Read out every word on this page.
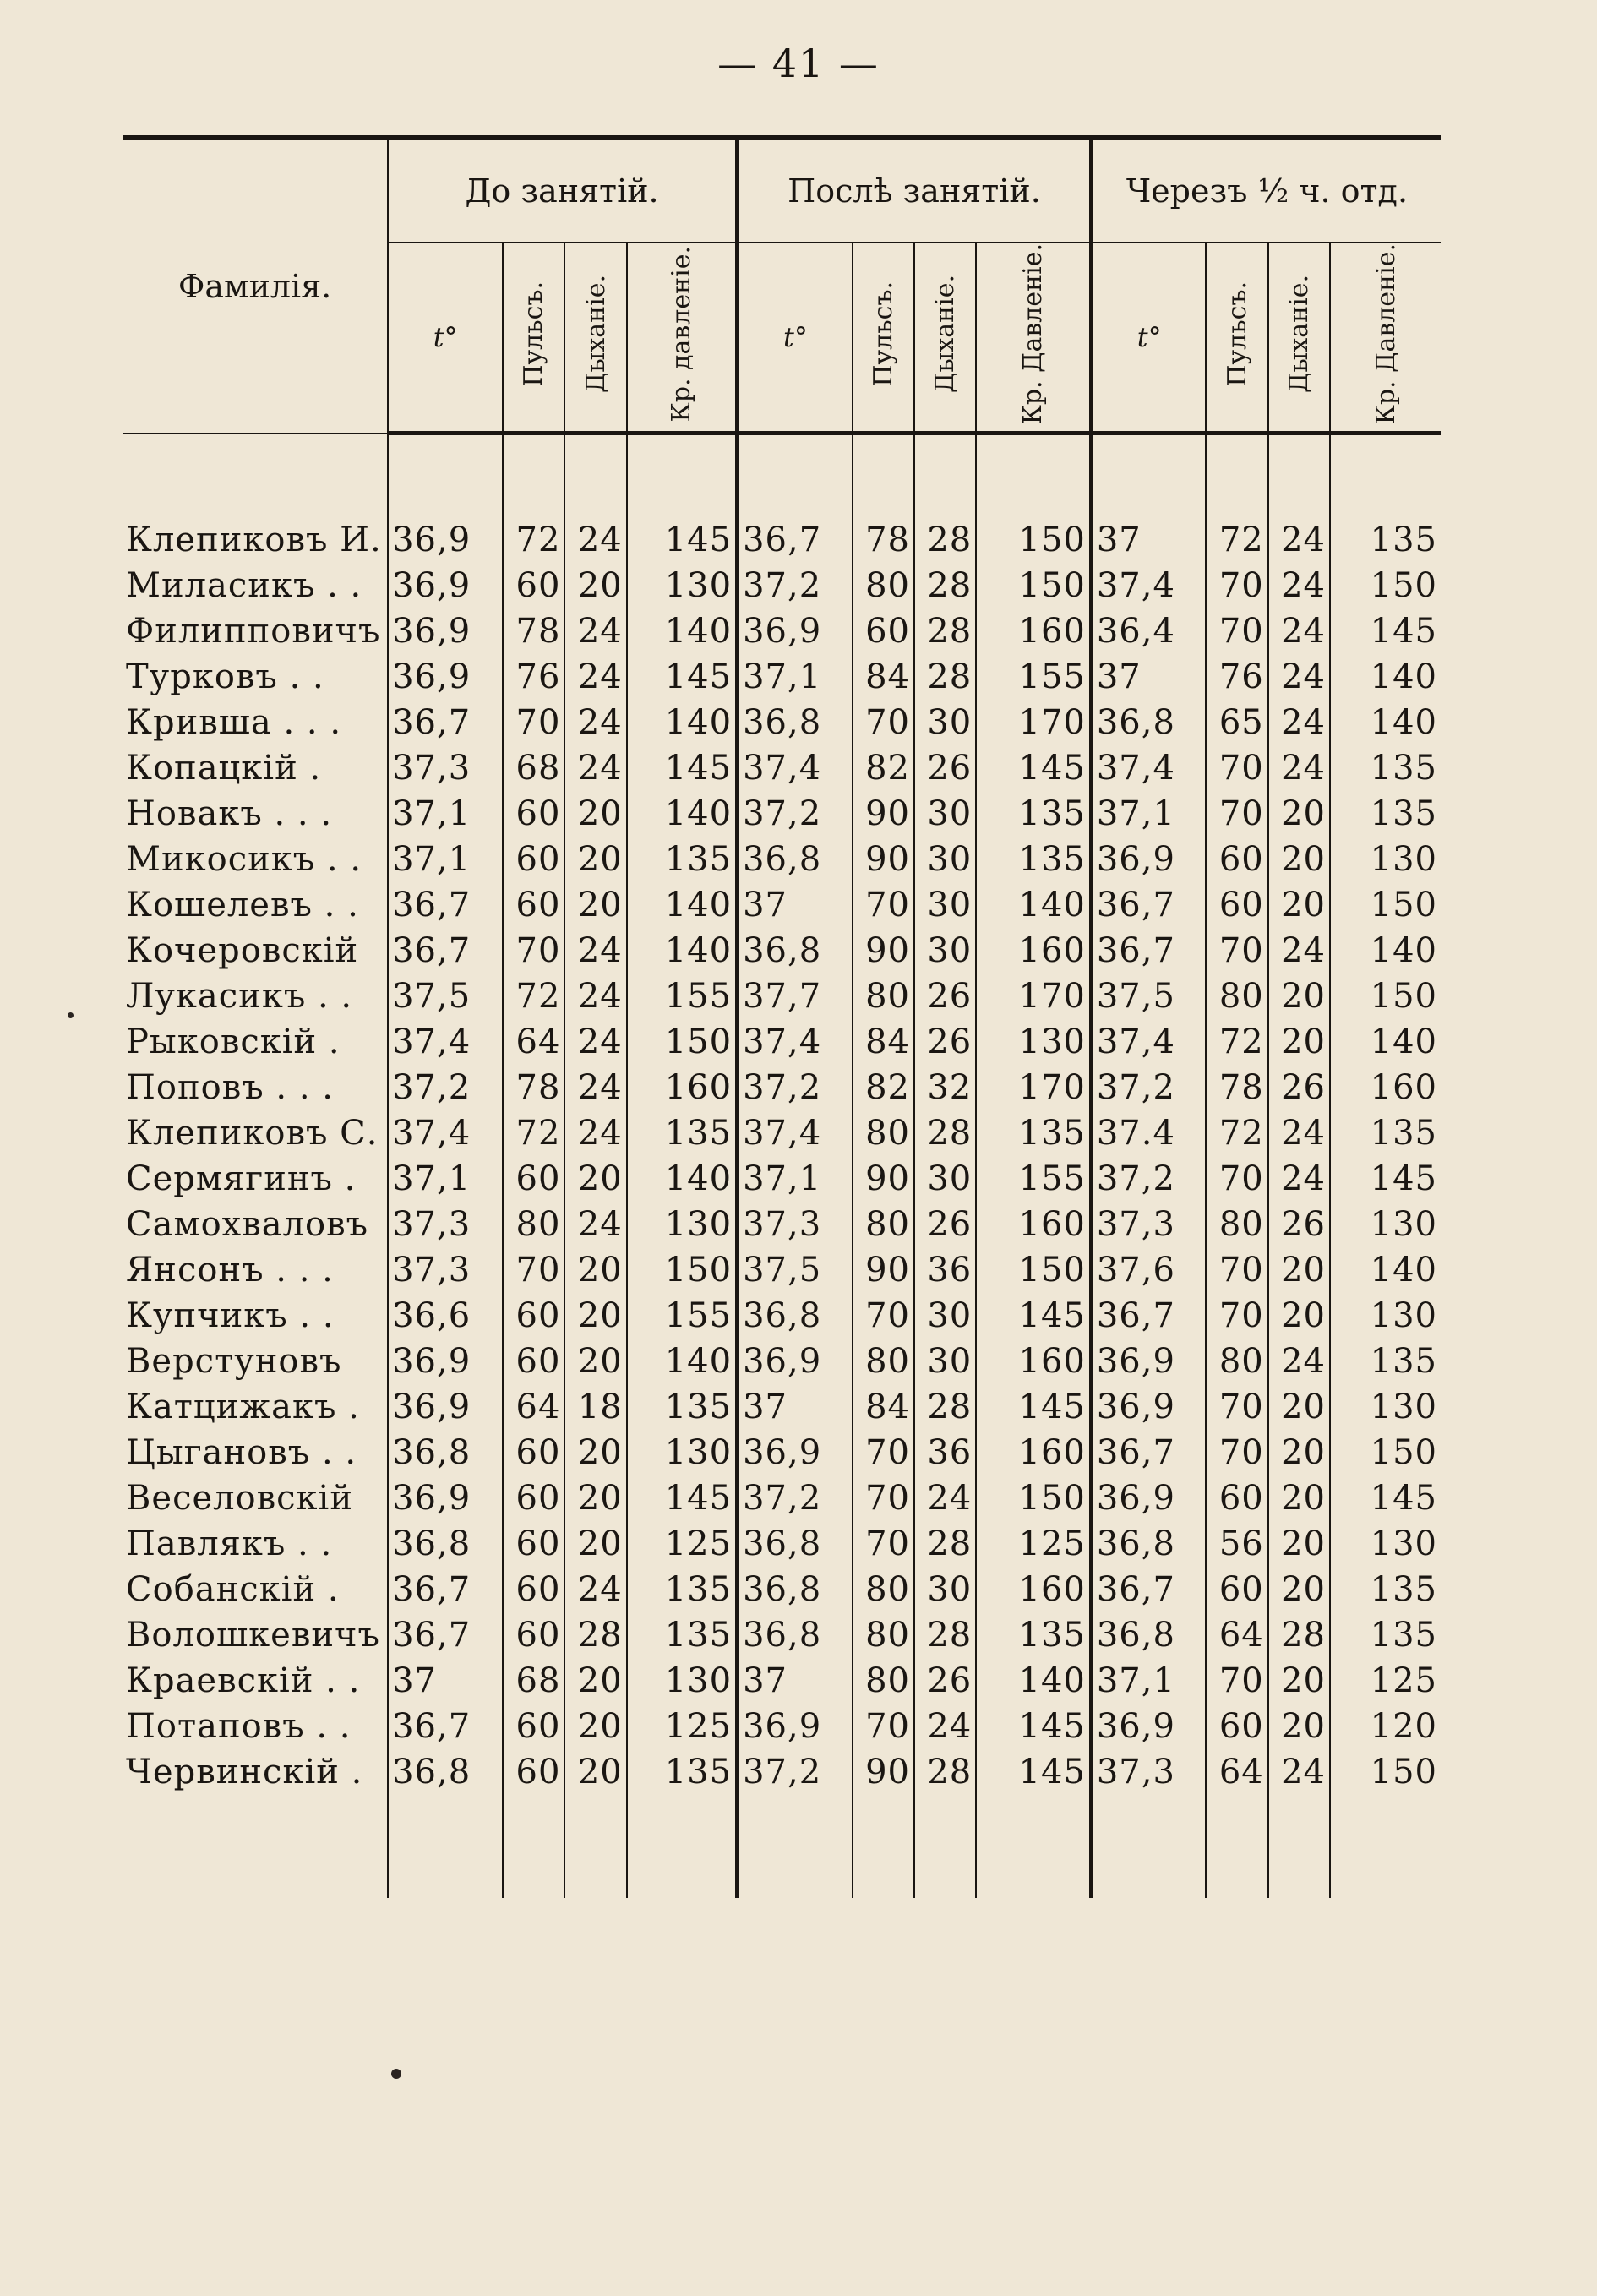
— 41 —
Фамилія.	До занятій.				Послѣ занятій.				Черезъ ½ ч. отд.			
	t°	Пульсъ.	Дыханіе.	Кр. давленіе.	t°	Пульсъ.	Дыханіе.	Кр. Давленіе.	t°	Пульсъ.	Дыханіе.	Кр. Давленіе.

Клепиковъ И.	36,9	72	24	145	36,7	78	28	150	37	72	24	135
Миласикъ . .	36,9	60	20	130	37,2	80	28	150	37,4	70	24	150
Филипповичъ	36,9	78	24	140	36,9	60	28	160	36,4	70	24	145
Турковъ . .	36,9	76	24	145	37,1	84	28	155	37	76	24	140
Кривша . . .	36,7	70	24	140	36,8	70	30	170	36,8	65	24	140
Копацкій .	37,3	68	24	145	37,4	82	26	145	37,4	70	24	135
Новакъ . . .	37,1	60	20	140	37,2	90	30	135	37,1	70	20	135
Микосикъ . .	37,1	60	20	135	36,8	90	30	135	36,9	60	20	130
Кошелевъ . .	36,7	60	20	140	37	70	30	140	36,7	60	20	150
Кочеровскій	36,7	70	24	140	36,8	90	30	160	36,7	70	24	140
Лукасикъ . .	37,5	72	24	155	37,7	80	26	170	37,5	80	20	150
Рыковскій .	37,4	64	24	150	37,4	84	26	130	37,4	72	20	140
Поповъ . . .	37,2	78	24	160	37,2	82	32	170	37,2	78	26	160
Клепиковъ С.	37,4	72	24	135	37,4	80	28	135	37.4	72	24	135
Сермягинъ .	37,1	60	20	140	37,1	90	30	155	37,2	70	24	145
Самохваловъ	37,3	80	24	130	37,3	80	26	160	37,3	80	26	130
Янсонъ . . .	37,3	70	20	150	37,5	90	36	150	37,6	70	20	140
Купчикъ . .	36,6	60	20	155	36,8	70	30	145	36,7	70	20	130
Верстуновъ	36,9	60	20	140	36,9	80	30	160	36,9	80	24	135
Катцижакъ .	36,9	64	18	135	37	84	28	145	36,9	70	20	130
Цыгановъ . .	36,8	60	20	130	36,9	70	36	160	36,7	70	20	150
Веселовскій	36,9	60	20	145	37,2	70	24	150	36,9	60	20	145
Павлякъ . .	36,8	60	20	125	36,8	70	28	125	36,8	56	20	130
Собанскій .	36,7	60	24	135	36,8	80	30	160	36,7	60	20	135
Волошкевичъ	36,7	60	28	135	36,8	80	28	135	36,8	64	28	135
Краевскій . .	37	68	20	130	37	80	26	140	37,1	70	20	125
Потаповъ . .	36,7	60	20	125	36,9	70	24	145	36,9	60	20	120
Червинскій .	36,8	60	20	135	37,2	90	28	145	37,3	64	24	150
